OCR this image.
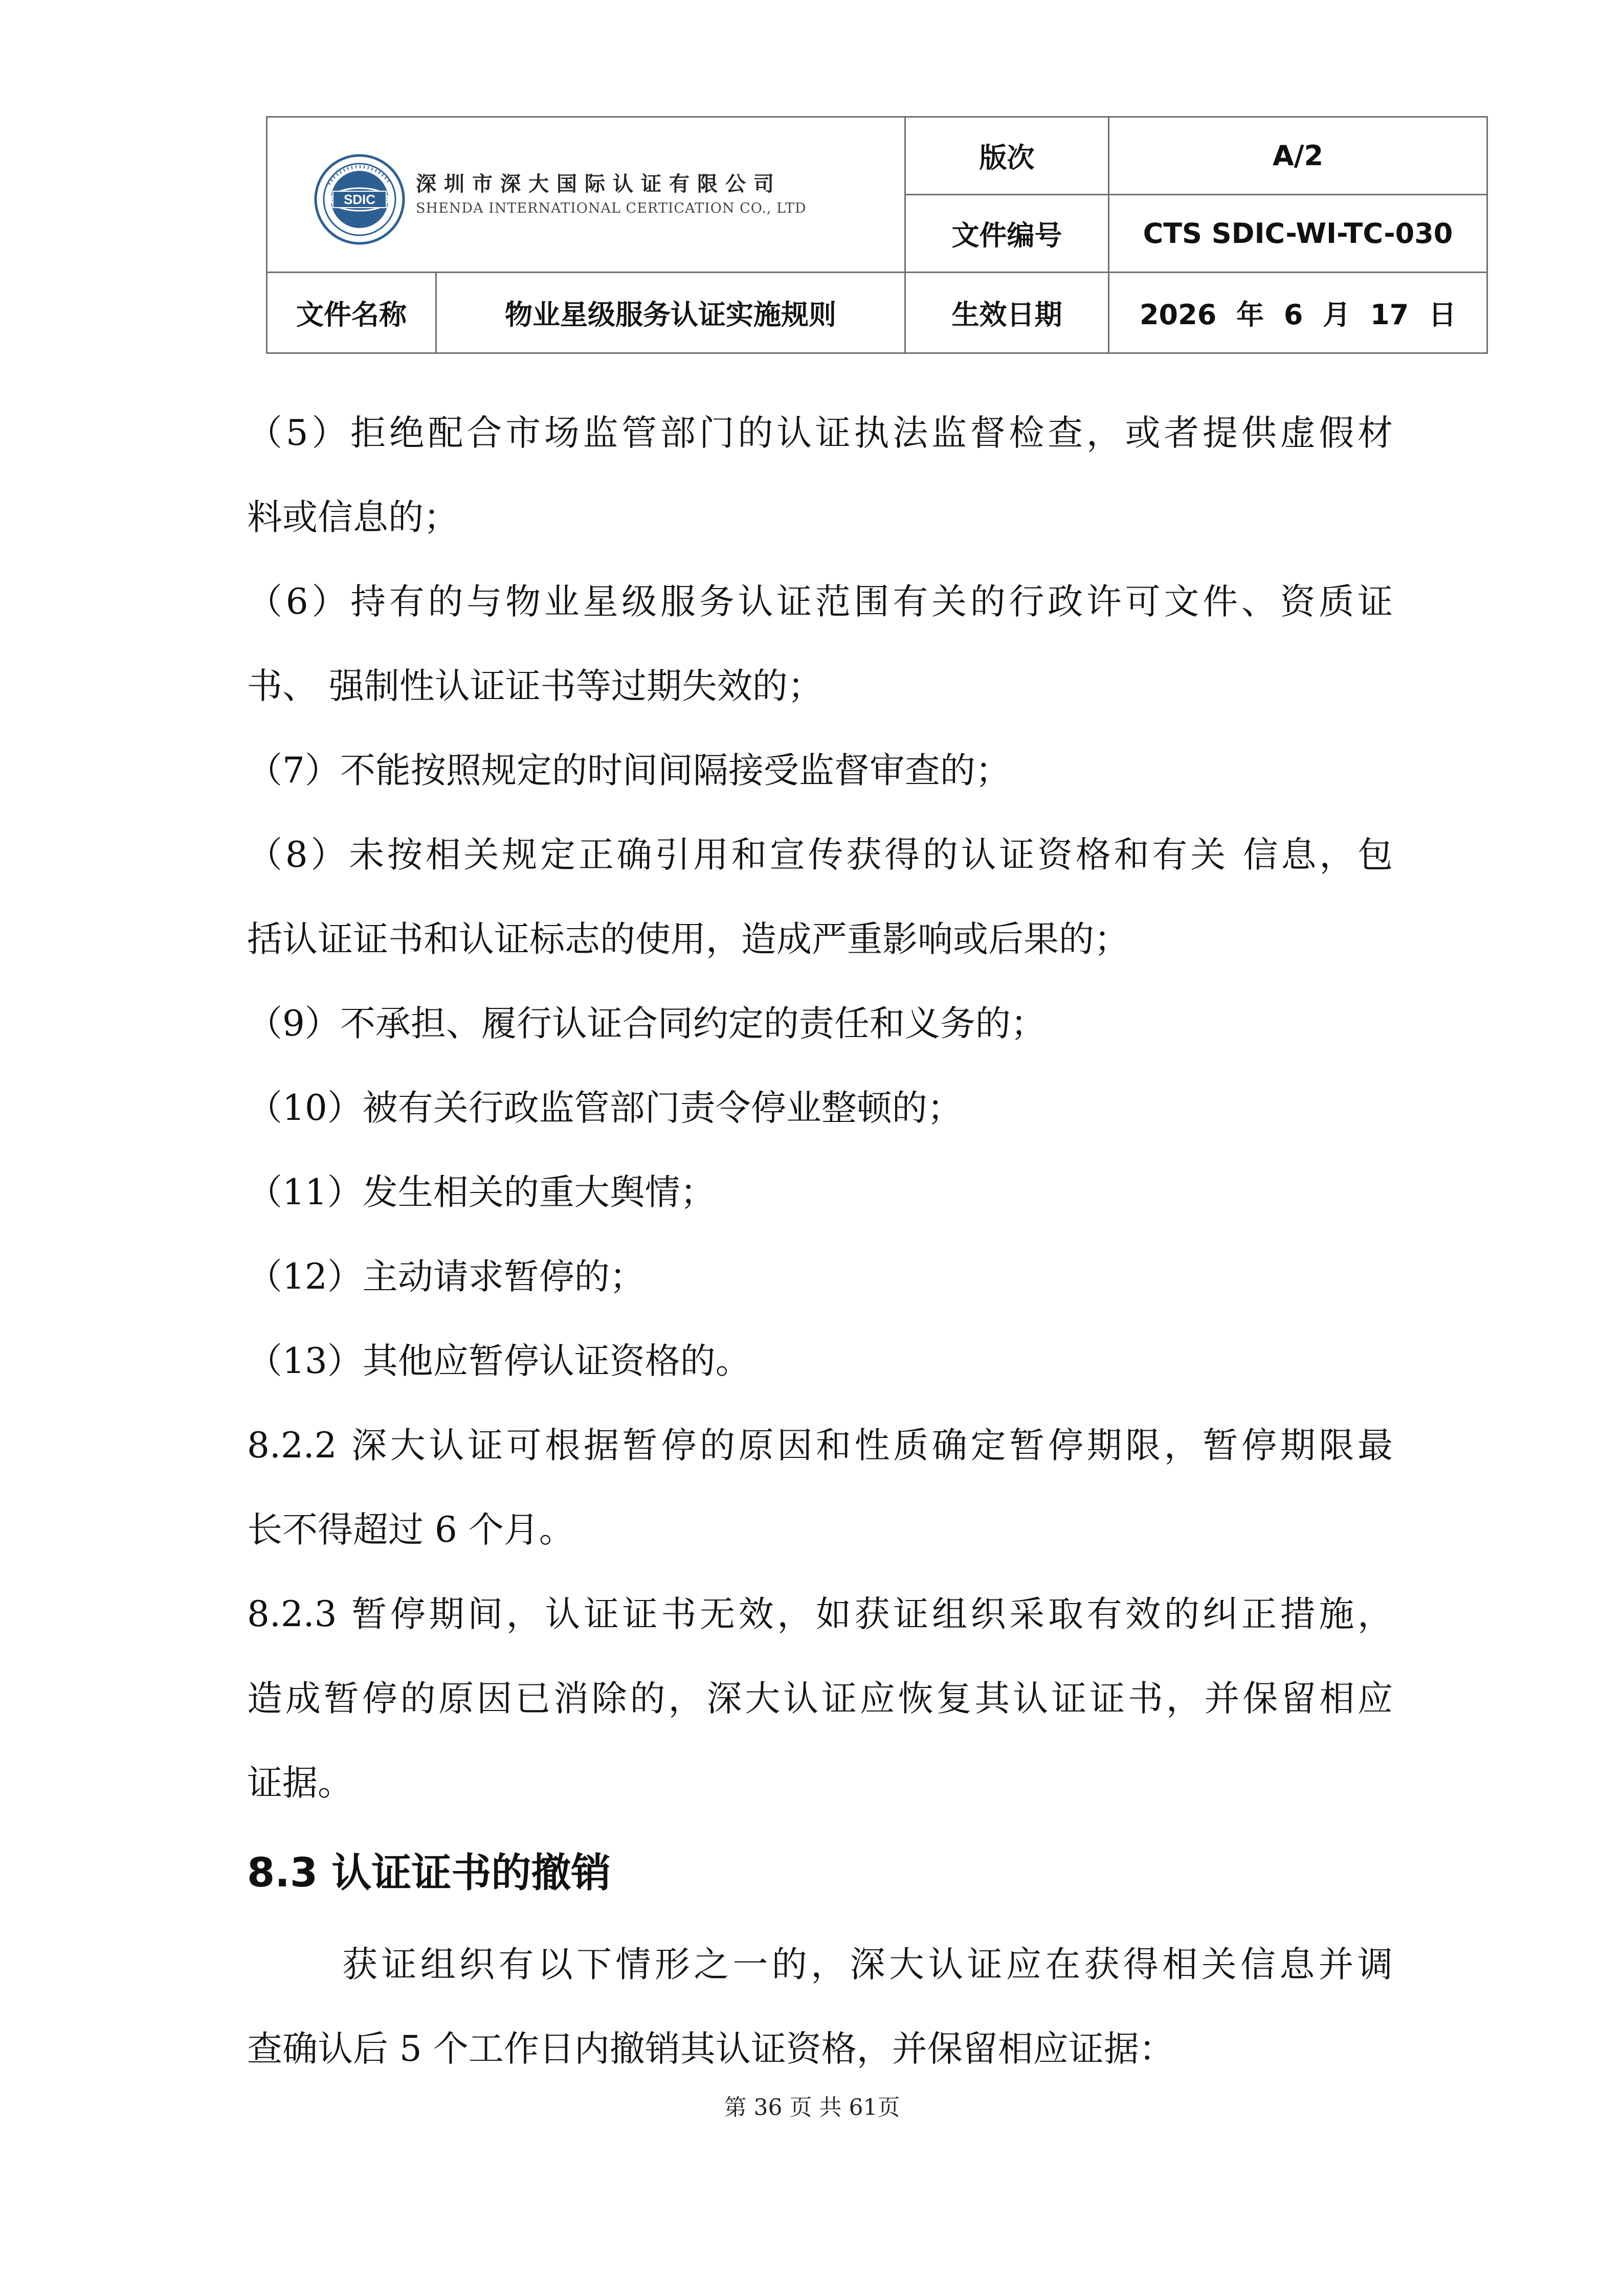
SDIC
深圳市深大国际认证有限公司
SHENDA INTERNATIONAL CERTICATION CO., LTD		版次	A/2
		文件编号	CTS SDIC-WI-TC-030
文件名称	物业星级服务认证实施规则	生效日期	2026 年 6 月 17 日
（5）拒绝配合市场监管部门的认证执法监督检查，或者提供虚假材
料或信息的；
（6）持有的与物业星级服务认证范围有关的行政许可文件、资质证
书、 强制性认证证书等过期失效的；
（7）不能按照规定的时间间隔接受监督审查的；
（8）未按相关规定正确引用和宣传获得的认证资格和有关 信息，包
括认证证书和认证标志的使用，造成严重影响或后果的；
（9）不承担、履行认证合同约定的责任和义务的；
（10）被有关行政监管部门责令停业整顿的；
（11）发生相关的重大舆情；
（12）主动请求暂停的；
（13）其他应暂停认证资格的。
8.2.2 深大认证可根据暂停的原因和性质确定暂停期限，暂停期限最
长不得超过 6 个月。
8.2.3 暂停期间，认证证书无效，如获证组织采取有效的纠正措施，
造成暂停的原因已消除的，深大认证应恢复其认证证书，并保留相应
证据。
8.3 认证证书的撤销
获证组织有以下情形之一的，深大认证应在获得相关信息并调
查确认后 5 个工作日内撤销其认证资格，并保留相应证据：
第 36 页 共 61页
